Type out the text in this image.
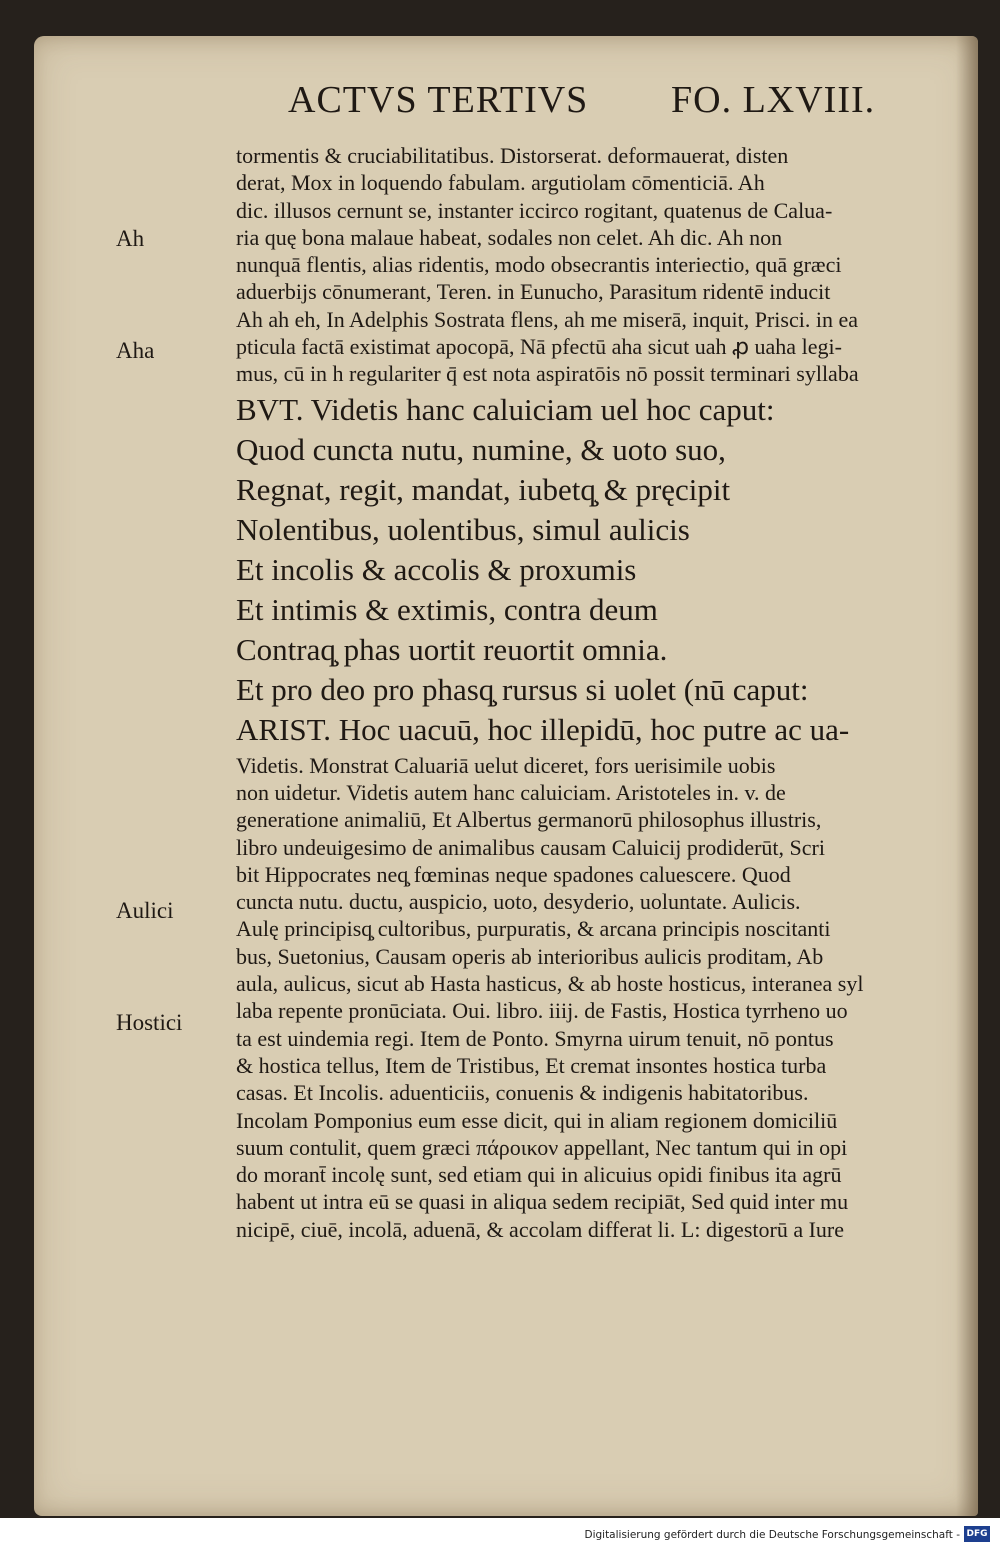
ACTVS TERTIVS FO. LXVIII.
Ah
Aha
Aulici
Hostici
tormentis & cruciabilitatibus. Distorserat. deformauerat, disten
derat, Mox in loquendo fabulam. argutiolam cōmenticiā. Ah
dic. illusos cernunt se, instanter iccirco rogitant, quatenus de Calua-
ria quę bona malaue habeat, sodales non celet. Ah dic. Ah non
nunquā flentis, alias ridentis, modo obsecrantis interiectio, quā græci
aduerbijs cōnumerant, Teren. in Eunucho, Parasitum ridentē inducit
Ah ah eh, In Adelphis Sostrata flens, ah me miserā, inquit, Prisci. in ea
pticula factā existimat apocopā, Nā pfectū aha sicut uah ꝓ uaha legi-
mus, cū in h regulariter q̄ est nota aspiratōis nō possit terminari syllaba
BVT. Videtis hanc caluiciam uel hoc caput:
Quod cuncta nutu, numine, & uoto suo,
Regnat, regit, mandat, iubetq̧ & pręcipit
Nolentibus, uolentibus, simul aulicis
Et incolis & accolis & proxumis
Et intimis & extimis, contra deum
Contraq̧ phas uortit reuortit omnia.
Et pro deo pro phasq̧ rursus si uolet (nū caput:
ARIST. Hoc uacuū, hoc illepidū, hoc putre ac ua-
Videtis. Monstrat Caluariā uelut diceret, fors uerisimile uobis
non uidetur. Videtis autem hanc caluiciam. Aristoteles in. v. de
generatione animaliū, Et Albertus germanorū philosophus illustris,
libro undeuigesimo de animalibus causam Caluicij prodiderūt, Scri
bit Hippocrates neq̧ fœminas neque spadones caluescere. Quod
cuncta nutu. ductu, auspicio, uoto, desyderio, uoluntate. Aulicis.
Aulę principisq̧ cultoribus, purpuratis, & arcana principis noscitanti
bus, Suetonius, Causam operis ab interioribus aulicis proditam, Ab
aula, aulicus, sicut ab Hasta hasticus, & ab hoste hosticus, interanea syl
laba repente pronūciata. Oui. libro. iiij. de Fastis, Hostica tyrrheno uo
ta est uindemia regi. Item de Ponto. Smyrna uirum tenuit, nō pontus
& hostica tellus, Item de Tristibus, Et cremat insontes hostica turba
casas. Et Incolis. aduenticiis, conuenis & indigenis habitatoribus.
Incolam Pomponius eum esse dicit, qui in aliam regionem domiciliū
suum contulit, quem græci πάροικον appellant, Nec tantum qui in opi
do morant̄ incolę sunt, sed etiam qui in alicuius opidi finibus ita agrū
habent ut intra eū se quasi in aliqua sedem recipiāt, Sed quid inter mu
nicipē, ciuē, incolā, aduenā, & accolam differat li. L: digestorū a Iure
Digitalisierung gefördert durch die Deutsche Forschungsgemeinschaft - DFG
